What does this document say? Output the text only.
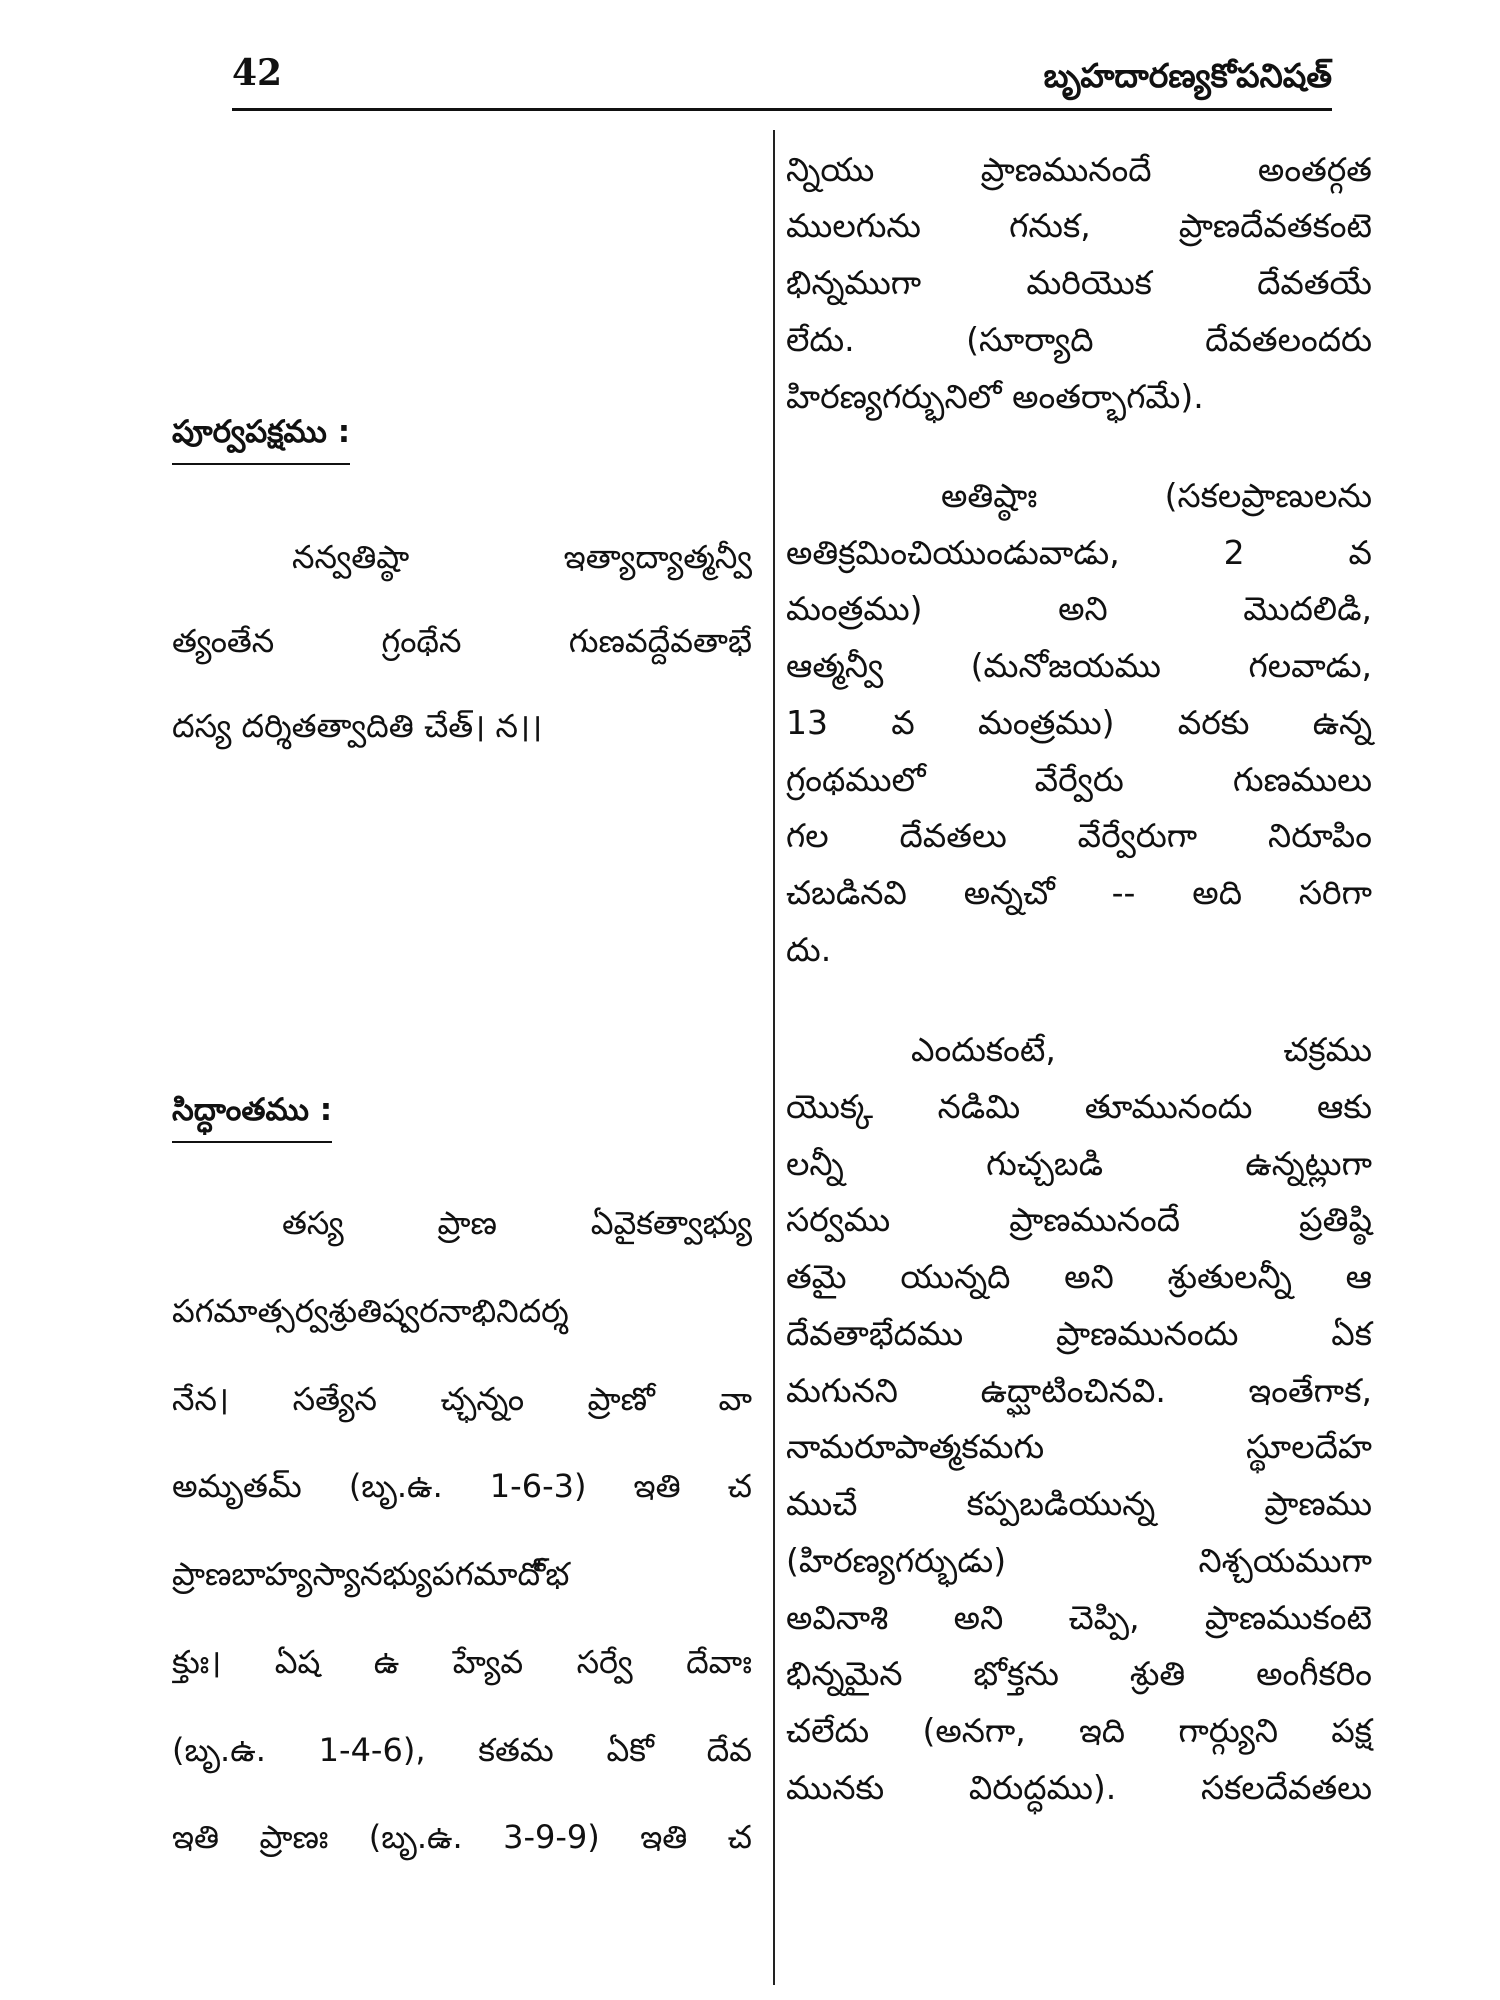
42	బృహదారణ్యకోపనిషత్
పూర్వపక్షము :
నన్వతిష్ఠా ఇత్యాద్యాత్మన్వీ
త్యంతేన గ్రంథేన గుణవద్దేవతాభే
దస్య దర్శితత్వాదితి చేత్। న।।
సిద్ధాంతము :
తస్య ప్రాణ ఏవైకత్వాభ్యు
పగమాత్సర్వశ్రుతిష్వరనాభినిదర్శ
నేన। సత్యేన చ్ఛన్నం ప్రాణో వా
అమృతమ్ (బృ.ఉ. 1-6-3) ఇతి చ
ప్రాణబాహ్యస్యానభ్యుపగమాదో్భ
క్తుః। ఏష ఉ హ్యేవ సర్వే దేవాః
(బృ.ఉ. 1-4-6), కతమ ఏకో దేవ
ఇతి ప్రాణః (బృ.ఉ. 3-9-9) ఇతి చ
న్నియు ప్రాణమునందే అంతర్గత
ములగును గనుక, ప్రాణదేవతకంటె
భిన్నముగా మరియొక దేవతయే
లేదు. (సూర్యాది దేవతలందరు
హిరణ్యగర్భునిలో అంతర్భాగమే).
అతిష్ఠాః (సకలప్రాణులను
అతిక్రమించియుండువాడు, 2 వ
మంత్రము) అని మొదలిడి,
ఆత్మన్వీ (మనోజయము గలవాడు,
13 వ మంత్రము) వరకు ఉన్న
గ్రంథములో వేర్వేరు గుణములు
గల దేవతలు వేర్వేరుగా నిరూపిం
చబడినవి అన్నచో -- అది సరిగా
దు.
ఎందుకంటే, చక్రము
యొక్క నడిమి తూమునందు ఆకు
లన్నీ గుచ్చబడి ఉన్నట్లుగా
సర్వము ప్రాణమునందే ప్రతిష్ఠి
తమై యున్నది అని శ్రుతులన్నీ ఆ
దేవతాభేదము ప్రాణమునందు ఏక
మగునని ఉద్ఘాటించినవి. ఇంతేగాక,
నామరూపాత్మకమగు స్థూలదేహ
ముచే కప్పబడియున్న ప్రాణము
(హిరణ్యగర్భుడు) నిశ్చయముగా
అవినాశి అని చెప్పి, ప్రాణముకంటె
భిన్నమైన భోక్తను శ్రుతి అంగీకరిం
చలేదు (అనగా, ఇది గార్గ్యుని పక్ష
మునకు విరుద్ధము). సకలదేవతలు
